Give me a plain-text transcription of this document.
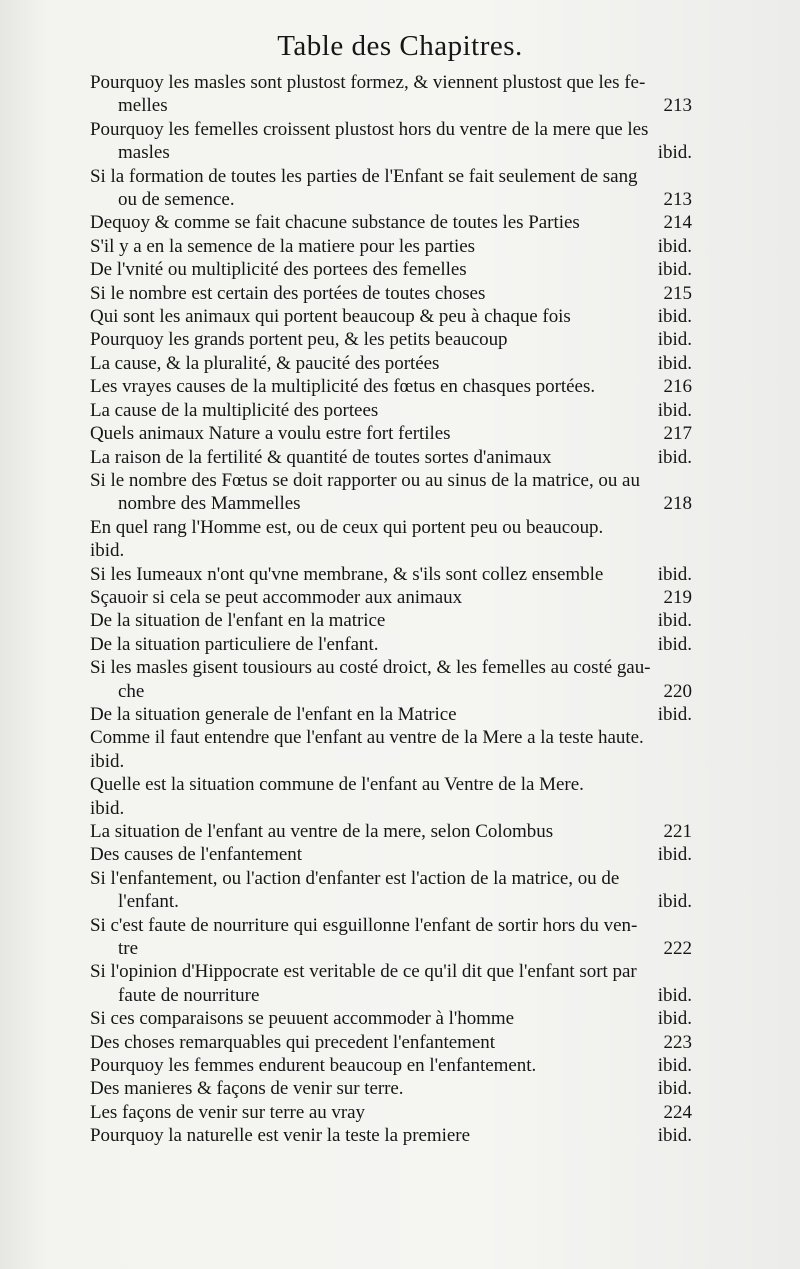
Table des Chapitres.
Pourquoy les masles sont plustost formez, & viennent plustost que les fe-
melles	213
Pourquoy les femelles croissent plustost hors du ventre de la mere que les
masles	ibid.
Si la formation de toutes les parties de l'Enfant se fait seulement de sang
ou de semence.	213
Dequoy & comme se fait chacune substance de toutes les Parties	214
S'il y a en la semence de la matiere pour les parties	ibid.
De l'vnité ou multiplicité des portees des femelles	ibid.
Si le nombre est certain des portées de toutes choses	215
Qui sont les animaux qui portent beaucoup & peu à chaque fois	ibid.
Pourquoy les grands portent peu, & les petits beaucoup	ibid.
La cause, & la pluralité, & paucité des portées	ibid.
Les vrayes causes de la multiplicité des fœtus en chasques portées.	216
La cause de la multiplicité des portees	ibid.
Quels animaux Nature a voulu estre fort fertiles	217
La raison de la fertilité & quantité de toutes sortes d'animaux	ibid.
Si le nombre des Fœtus se doit rapporter ou au sinus de la matrice, ou au
nombre des Mammelles	218
En quel rang l'Homme est, ou de ceux qui portent peu ou beaucoup.
ibid.
Si les Iumeaux n'ont qu'vne membrane, & s'ils sont collez ensemble	ibid.
Sçauoir si cela se peut accommoder aux animaux	219
De la situation de l'enfant en la matrice	ibid.
De la situation particuliere de l'enfant.	ibid.
Si les masles gisent tousiours au costé droict, & les femelles au costé gau-
che	220
De la situation generale de l'enfant en la Matrice	ibid.
Comme il faut entendre que l'enfant au ventre de la Mere a la teste haute.
ibid.
Quelle est la situation commune de l'enfant au Ventre de la Mere.
ibid.
La situation de l'enfant au ventre de la mere, selon Colombus	221
Des causes de l'enfantement	ibid.
Si l'enfantement, ou l'action d'enfanter est l'action de la matrice, ou de
l'enfant.	ibid.
Si c'est faute de nourriture qui esguillonne l'enfant de sortir hors du ven-
tre	222
Si l'opinion d'Hippocrate est veritable de ce qu'il dit que l'enfant sort par
faute de nourriture	ibid.
Si ces comparaisons se peuuent accommoder à l'homme	ibid.
Des choses remarquables qui precedent l'enfantement	223
Pourquoy les femmes endurent beaucoup en l'enfantement.	ibid.
Des manieres & façons de venir sur terre.	ibid.
Les façons de venir sur terre au vray	224
Pourquoy la naturelle est venir la teste la premiere	ibid.
